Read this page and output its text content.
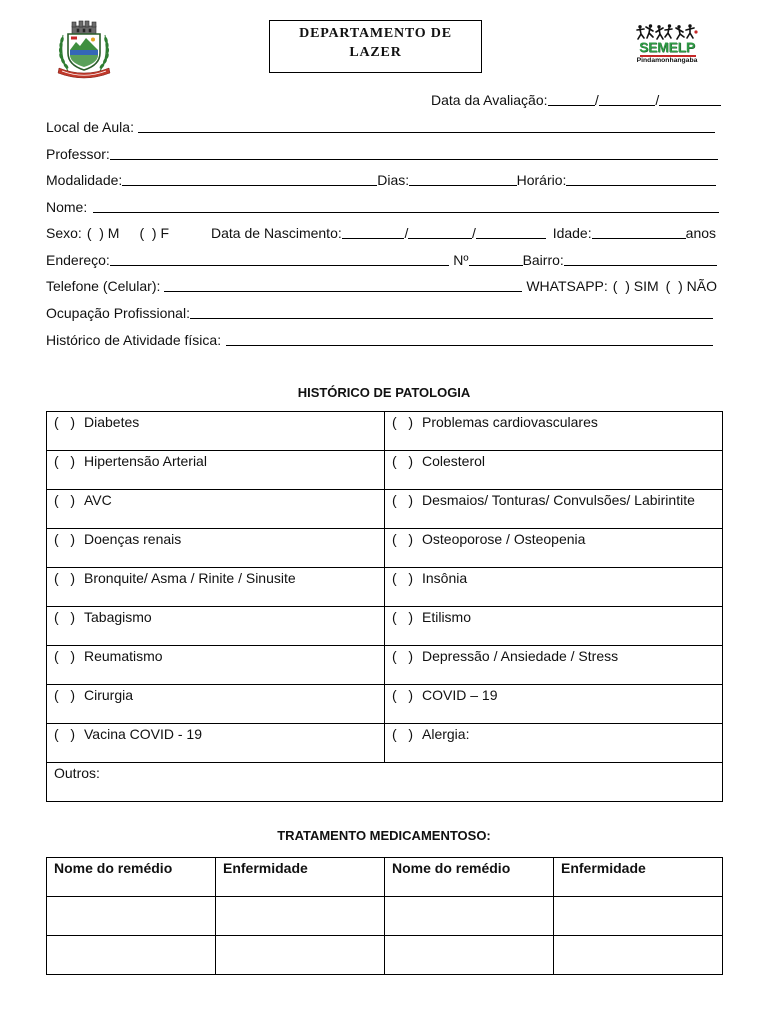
DEPARTAMENTO DE
LAZER	SEMELP
Pindamonhangaba
Data da Avaliação:	/	/
Local de Aula:
Professor:
Modalidade:	Dias:	Horário:
Nome:
Sexo: (  ) M (  ) F	Data de Nascimento:	/	/	Idade:	anos
Endereço:	Nº	Bairro:
Telefone (Celular):	WHATSAPP: (  ) SIM (  ) NÃO
Ocupação Profissional:
Histórico de Atividade física:
HISTÓRICO DE PATOLOGIA
(   ) Diabetes	(   ) Problemas cardiovasculares
(   ) Hipertensão Arterial	(   ) Colesterol
(   ) AVC	(   ) Desmaios/ Tonturas/ Convulsões/ Labirintite
(   ) Doenças renais	(   ) Osteoporose / Osteopenia
(   ) Bronquite/ Asma / Rinite / Sinusite	(   ) Insônia
(   ) Tabagismo	(   ) Etilismo
(   ) Reumatismo	(   ) Depressão / Ansiedade / Stress
(   ) Cirurgia	(   ) COVID – 19
(   ) Vacina COVID - 19	(   ) Alergia:
Outros:	
TRATAMENTO MEDICAMENTOSO:
Nome do remédio	Enfermidade	Nome do remédio	Enfermidade
